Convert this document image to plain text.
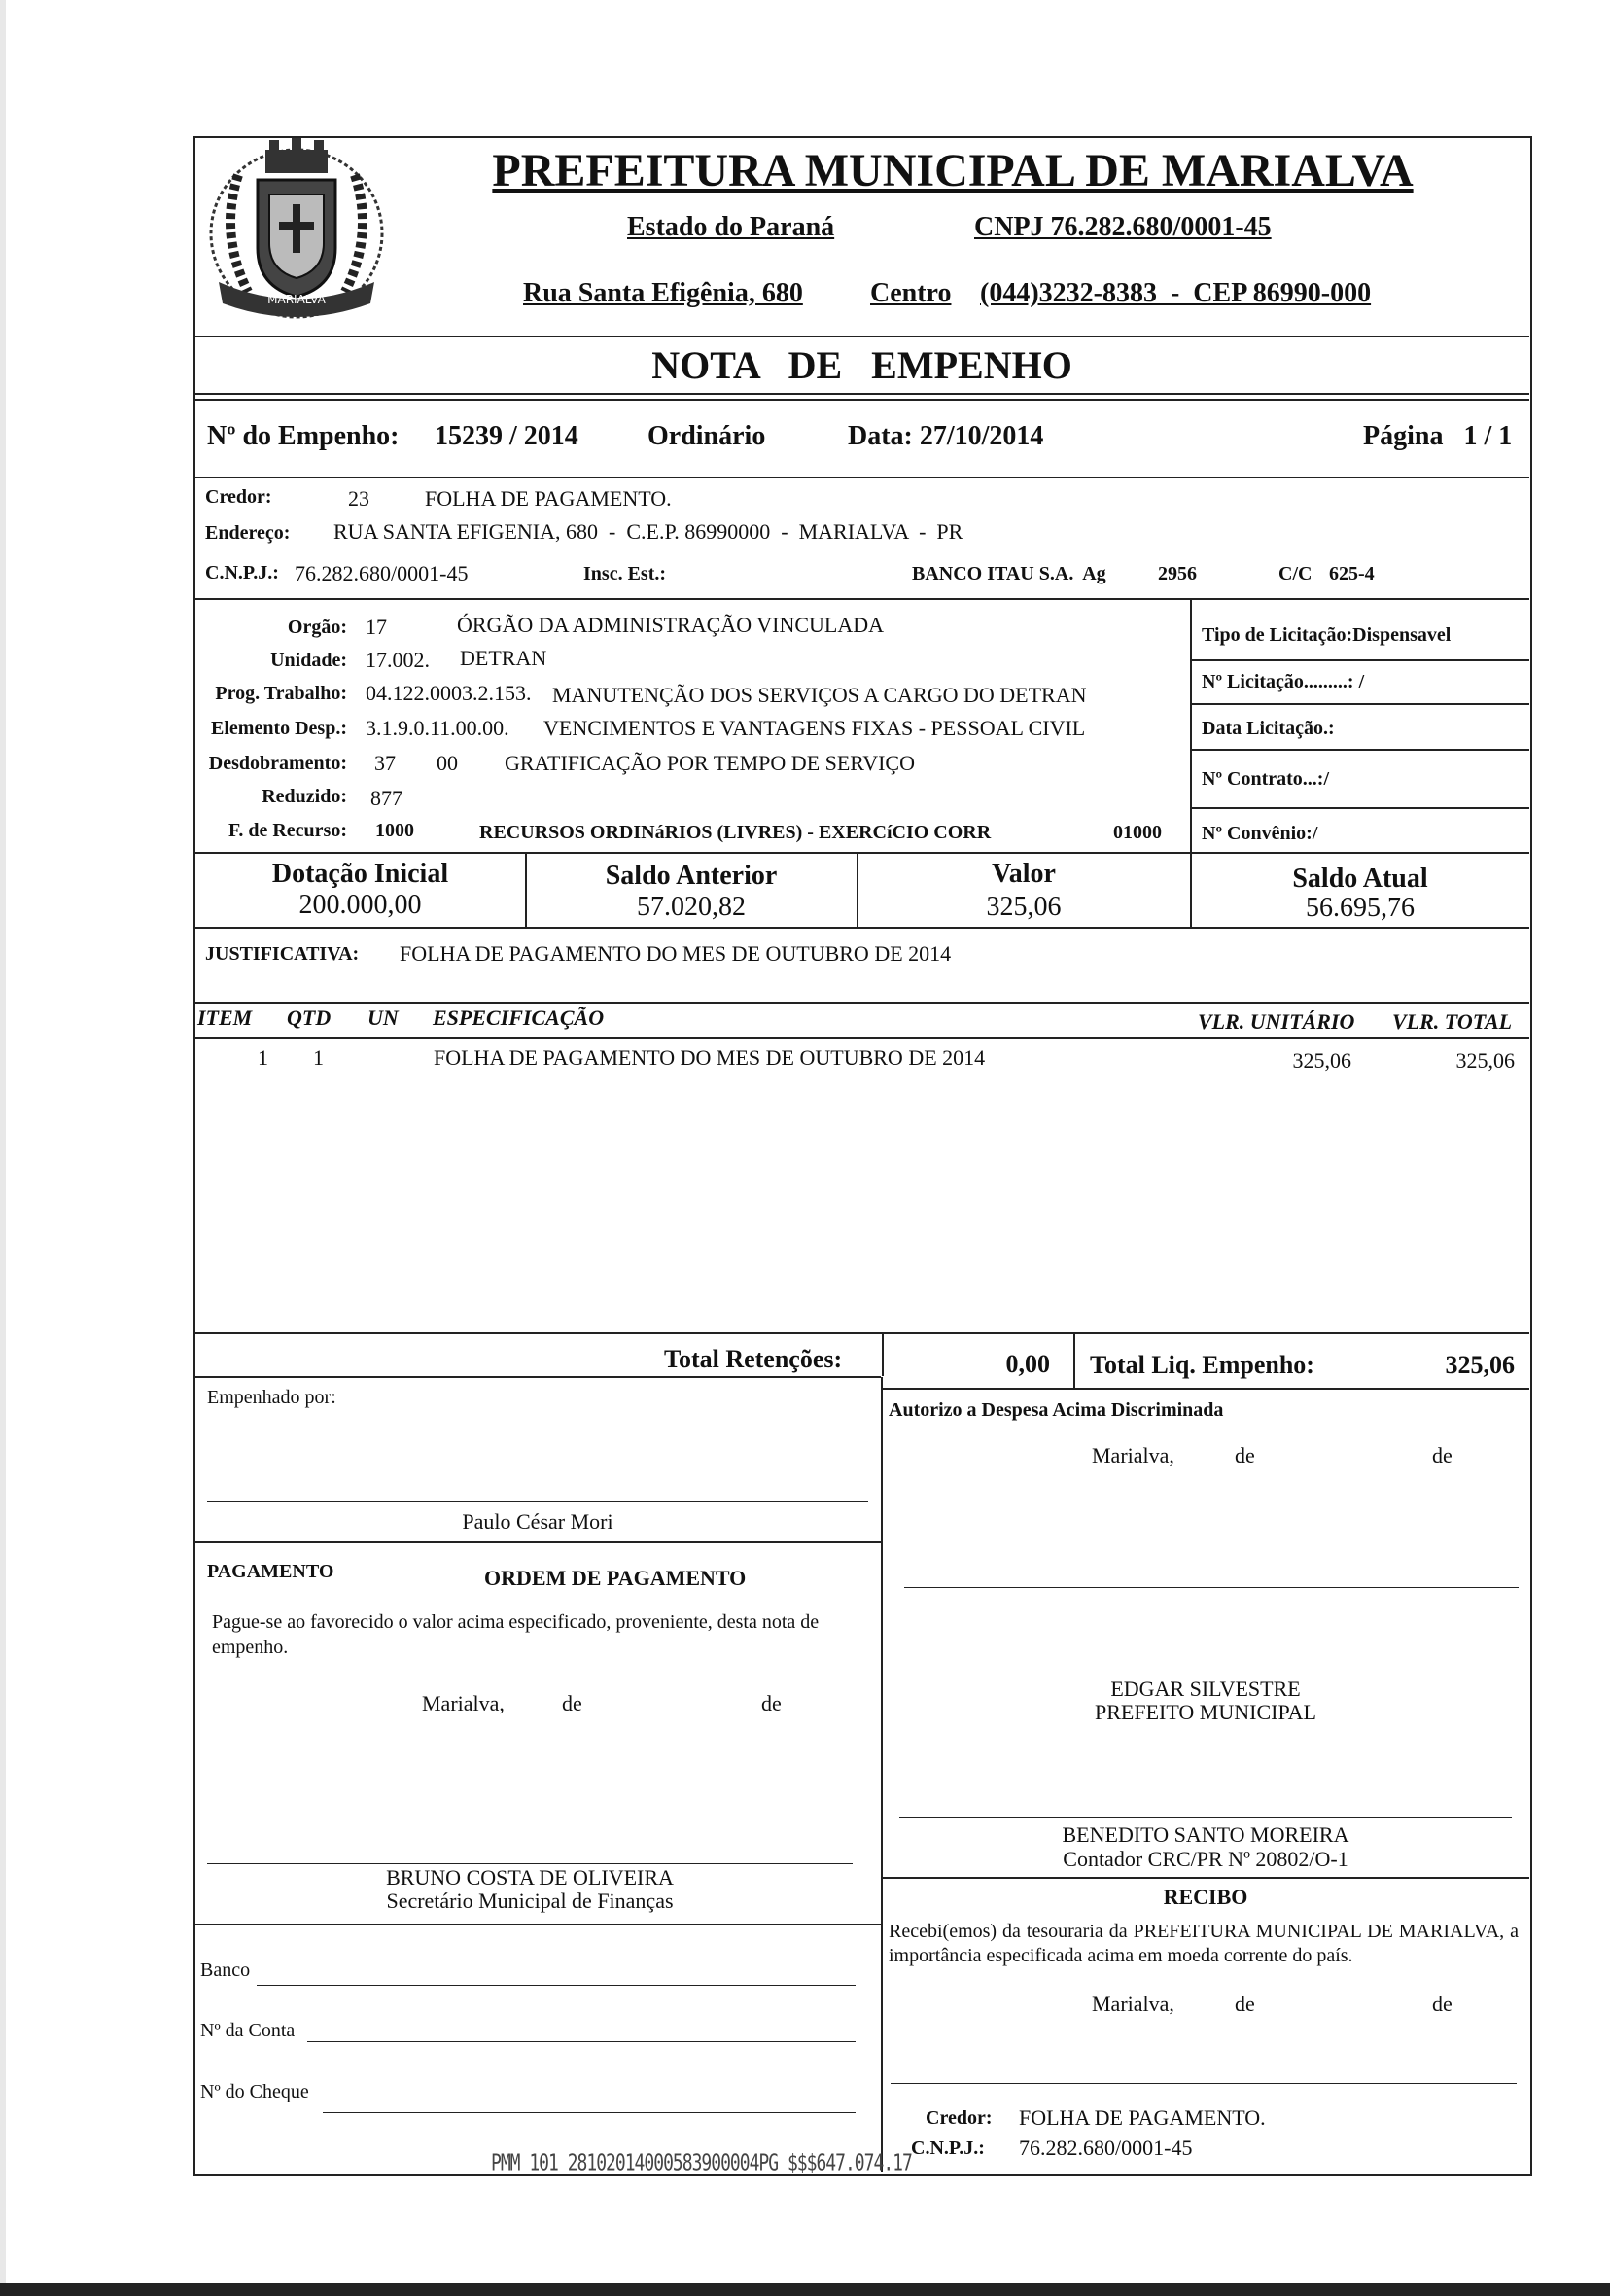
MARIALVA
PREFEITURA MUNICIPAL DE MARIALVA
Estado do Paraná	CNPJ 76.282.680/0001-45
Rua Santa Efigênia, 680 Centro (044)3232-8383  -  CEP 86990-000
NOTA   DE   EMPENHO
Nº do Empenho: 15239 / 2014	Ordinário	Data: 27/10/2014	Página   1 / 1
Credor:	23	FOLHA DE PAGAMENTO.
Endereço: RUA SANTA EFIGENIA, 680  -  C.E.P. 86990000  -  MARIALVA  -  PR
C.N.P.J.: 76.282.680/0001-45	Insc. Est.:	BANCO ITAU S.A.  Ag	2956	C/C 625-4
Orgão: 17	ÓRGÃO DA ADMINISTRAÇÃO VINCULADA
Unidade: 17.002. DETRAN
Prog. Trabalho: 04.122.0003.2.153. MANUTENÇÃO DOS SERVIÇOS A CARGO DO DETRAN
Elemento Desp.: 3.1.9.0.11.00.00. VENCIMENTOS E VANTAGENS FIXAS - PESSOAL CIVIL
Desdobramento: 37 00 GRATIFICAÇÃO POR TEMPO DE SERVIÇO
Reduzido: 877
F. de Recurso: 1000	RECURSOS ORDINáRIOS (LIVRES) - EXERCíCIO CORR	01000
Tipo de Licitação:Dispensavel
Nº Licitação.........: /
Data Licitação.:
Nº Contrato...:/
Nº Convênio:/
Dotação Inicial
200.000,00
Saldo Anterior
57.020,82
Valor
325,06
Saldo Atual
56.695,76
JUSTIFICATIVA: FOLHA DE PAGAMENTO DO MES DE OUTUBRO DE 2014
ITEM QTD UN ESPECIFICAÇÃO	VLR. UNITÁRIO VLR. TOTAL
1 1	FOLHA DE PAGAMENTO DO MES DE OUTUBRO DE 2014	325,06	325,06
Total Retenções:	0,00 Total Liq. Empenho:	325,06
Empenhado por:
Paulo César Mori
Autorizo a Despesa Acima Discriminada
Marialva,	de	de
PAGAMENTO	ORDEM DE PAGAMENTO
Pague-se ao favorecido o valor acima especificado, proveniente, desta nota de empenho.
Marialva,	de	de
EDGAR SILVESTRE
PREFEITO MUNICIPAL
BENEDITO SANTO MOREIRA
Contador CRC/PR Nº 20802/O-1
BRUNO COSTA DE OLIVEIRA
Secretário Municipal de Finanças	RECIBO
Recebi(emos) da tesouraria da PREFEITURA MUNICIPAL DE MARIALVA, a importância especificada acima em moeda corrente do país.
Marialva,	de	de
Banco
Nº da Conta
Nº do Cheque
Credor: FOLHA DE PAGAMENTO.
C.N.P.J.: 76.282.680/0001-45
PMM 101 28102014000583900004PG $$$647.074.17
